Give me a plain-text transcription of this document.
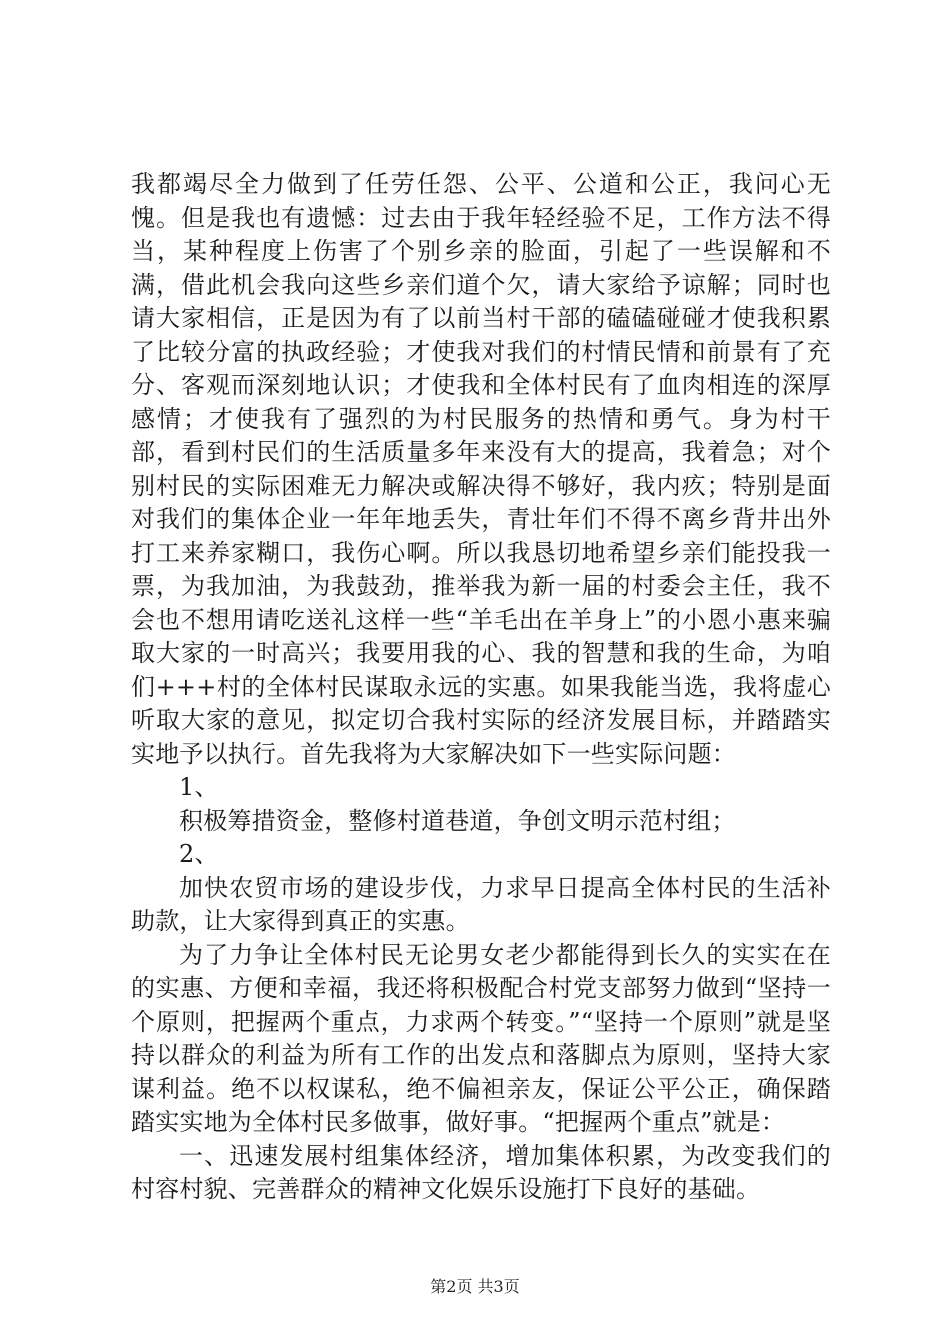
我都竭尽全力做到了任劳任怨、公平、公道和公正，我问心无愧。但是我也有遗憾：过去由于我年轻经验不足，工作方法不得当，某种程度上伤害了个别乡亲的脸面，引起了一些误解和不满，借此机会我向这些乡亲们道个欠，请大家给予谅解；同时也请大家相信，正是因为有了以前当村干部的磕磕碰碰才使我积累了比较分富的执政经验；才使我对我们的村情民情和前景有了充分、客观而深刻地认识；才使我和全体村民有了血肉相连的深厚感情；才使我有了强烈的为村民服务的热情和勇气。身为村干部，看到村民们的生活质量多年来没有大的提高，我着急；对个别村民的实际困难无力解决或解决得不够好，我内疚；特别是面对我们的集体企业一年年地丢失，青壮年们不得不离乡背井出外打工来养家糊口，我伤心啊。所以我恳切地希望乡亲们能投我一票，为我加油，为我鼓劲，推举我为新一届的村委会主任，我不会也不想用请吃送礼这样一些“羊毛出在羊身上”的小恩小惠来骗取大家的一时高兴；我要用我的心、我的智慧和我的生命，为咱们+++村的全体村民谋取永远的实惠。如果我能当选，我将虚心听取大家的意见，拟定切合我村实际的经济发展目标，并踏踏实实地予以执行。首先我将为大家解决如下一些实际问题：

1、

积极筹措资金，整修村道巷道，争创文明示范村组；

2、

加快农贸市场的建设步伐，力求早日提高全体村民的生活补助款，让大家得到真正的实惠。

为了力争让全体村民无论男女老少都能得到长久的实实在在的实惠、方便和幸福，我还将积极配合村党支部努力做到“坚持一个原则，把握两个重点，力求两个转变。”“坚持一个原则”就是坚持以群众的利益为所有工作的出发点和落脚点为原则，坚持大家谋利益。绝不以权谋私，绝不偏袒亲友，保证公平公正，确保踏踏实实地为全体村民多做事，做好事。“把握两个重点”就是：

一、迅速发展村组集体经济，增加集体积累，为改变我们的村容村貌、完善群众的精神文化娱乐设施打下良好的基础。

第2页 共3页
